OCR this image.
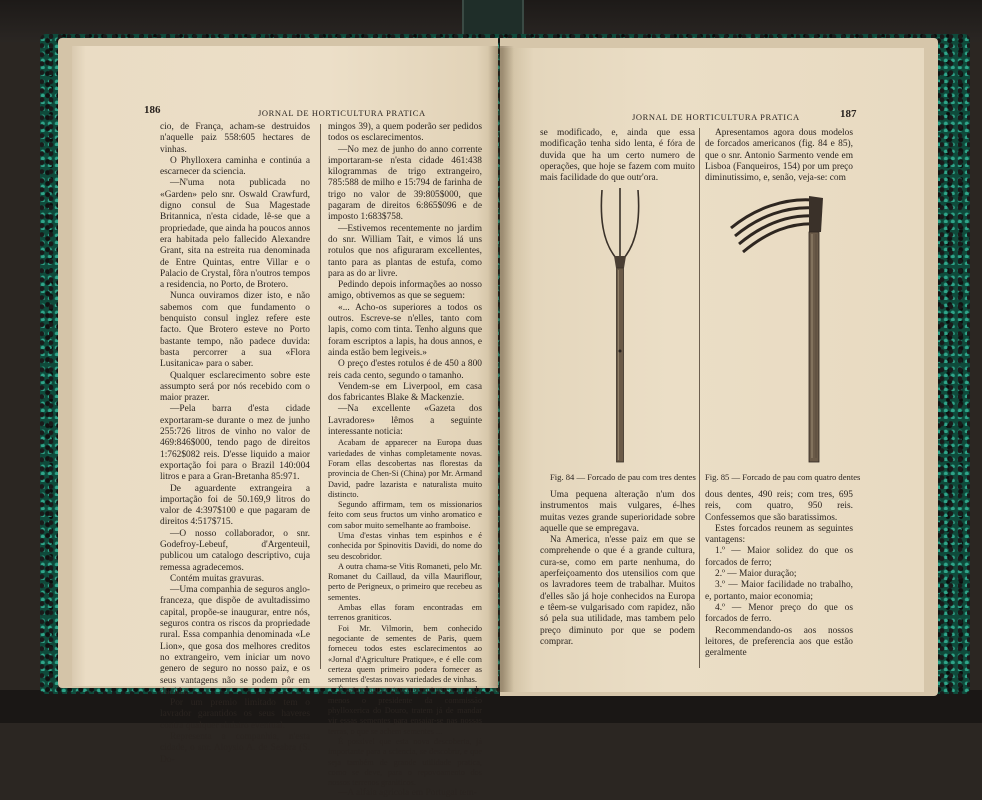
186	JORNAL DE HORTICULTURA PRATICA

cio, de França, acham-se destruidos n'aquelle paiz 558:605 hectares de vinhas.

O Phylloxera caminha e continúa a escarnecer da sciencia.

—N'uma nota publicada no «Garden» pelo snr. Oswald Crawfurd, digno consul de Sua Magestade Britannica, n'esta cidade, lê-se que a propriedade, que ainda ha poucos annos era habitada pelo fallecido Alexandre Grant, sita na estreita rua denominada de Entre Quintas, entre Villar e o Palacio de Crystal, fôra n'outros tempos a residencia, no Porto, de Brotero.

Nunca ouviramos dizer isto, e não sabemos com que fundamento o benquisto consul inglez refere este facto. Que Brotero esteve no Porto bastante tempo, não padece duvida: basta percorrer a sua «Flora Lusitanica» para o saber.

Qualquer esclarecimento sobre este assumpto será por nós recebido com o maior prazer.

—Pela barra d'esta cidade exportaram-se durante o mez de junho 255:726 litros de vinho no valor de 469:846$000, tendo pago de direitos 1:762$082 reis. D'esse liquido a maior exportação foi para o Brazil 140:004 litros e para a Gran-Bretanha 85:971.

De aguardente extrangeira a importação foi de 50.169,9 litros do valor de 4:397$100 e que pagaram de direitos 4:517$715.

—O nosso collaborador, o snr. Godefroy-Lebeuf, d'Argenteuil, publicou um catalogo descriptivo, cuja remessa agradecemos.

Contém muitas gravuras.

—Uma companhia de seguros anglo-franceza, que dispõe de avultadissimo capital, propõe-se inaugurar, entre nós, seguros contra os riscos da propriedade rural. Essa companhia denominada «Le Lion», que gosa dos melhores creditos no extrangeiro, vem iniciar um novo genero de seguro no nosso paiz, e os seus vantagens não se podem pôr em duvida.

Por um premio limitado tem o lavrador garantidos os seus haveres contra qualquer sinistro eventual.

Representa a companhia, n'esta cidade, o snr. Aloysio A. de Seabra (S. Do-

mingos 39), a quem poderão ser pedidos todos os esclarecimentos.

—No mez de junho do anno corrente importaram-se n'esta cidade 461:438 kilogrammas de trigo extrangeiro, 785:588 de milho e 15:794 de farinha de trigo no valor de 39:805$000, que pagaram de direitos 6:865$096 e de imposto 1:683$758.

—Estivemos recentemente no jardim do snr. William Tait, e vimos lá uns rotulos que nos afiguraram excellentes, tanto para as plantas de estufa, como para as do ar livre.

Pedindo depois informações ao nosso amigo, obtivemos as que se seguem:

«... Acho-os superiores a todos os outros. Escreve-se n'elles, tanto com lapis, como com tinta. Tenho alguns que foram escriptos a lapis, ha dous annos, e ainda estão bem legiveis.»

O preço d'estes rotulos é de 450 a 800 reis cada cento, segundo o tamanho.

Vendem-se em Liverpool, em casa dos fabricantes Blake & Mackenzie.

—Na excellente «Gazeta dos Lavradores» lêmos a seguinte interessante noticia:

Acabam de apparecer na Europa duas variedades de vinhas completamente novas. Foram ellas descobertas nas florestas da provincia de Chen-Si (China) por Mr. Armand David, padre lazarista e naturalista muito distincto.

Segundo affirmam, tem os missionarios feito com seus fructos um vinho aromatico e com sabor muito semelhante ao framboise.

Uma d'estas vinhas tem espinhos e é conhecida por Spinovitis Davidi, do nome do seu descobridor.

A outra chama-se Vitis Romaneti, pelo Mr. Romanet du Caillaud, da villa Mauriflour, perto de Perigneux, o primeiro que recebeu as sementes.

Ambas ellas foram encontradas em terrenos graniticos.

Foi Mr. Vilmorin, bem conhecido negociante de sementes de Paris, quem forneceu todos estes esclarecimentos ao «Jornal d'Agriculture Pratique», e é elle com certeza quem primeiro podera fornecer as sementes d'estas novas variedades de vinhas.

É natural que o governo portuguez, ou pelo menos o presidente da commissão phylloxerica do Douro, tratem já de mandar vir essas sementes para ensaiar-se nas nossas terras, o que se achem sementes ...

É possivel que esta nova descoberta, já importante para a sciencia, se descobrir, e que seja também de grande utilidade pratica, como se deve, para o repovoamento dos nossos terrenos graniticos.

—A alfaia agricola em Portugal tem-

JORNAL DE HORTICULTURA PRATICA	187

se modificado, e, ainda que essa modificação tenha sido lenta, é fóra de duvida que ha um certo numero de operações, que hoje se fazem com muito mais facilidade do que outr'ora.

Apresentamos agora dous modelos de forcados americanos (fig. 84 e 85), que o snr. Antonio Sarmento vende em Lisboa (Fanqueiros, 154) por um preço diminutissimo, e, senão, veja-se: com

Fig. 84 — Forcado de pau com tres dentes Fig. 85 — Forcado de pau com quatro dentes

Uma pequena alteração n'um dos instrumentos mais vulgares, é-lhes muitas vezes grande superioridade sobre aquelle que se empregava.

Na America, n'esse paiz em que se comprehende o que é a grande cultura, cura-se, como em parte nenhuma, do aperfeiçoamento dos utensilios com que os lavradores teem de trabalhar. Muitos d'elles são já hoje conhecidos na Europa e têem-se vulgarisado com rapidez, não só pela sua utilidade, mas tambem pelo preço diminuto por que se podem comprar.

dous dentes, 490 reis; com tres, 695 reis, com quatro, 950 reis. Confessemos que são baratissimos.

Estes forcados reunem as seguintes vantagens:

1.º — Maior solidez do que os forcados de ferro;

2.º — Maior duração;

3.º — Maior facilidade no trabalho, e, portanto, maior economia;

4.º — Menor preço do que os forcados de ferro.

Recommendando-os aos nossos leitores, de preferencia aos que estão geralmente
